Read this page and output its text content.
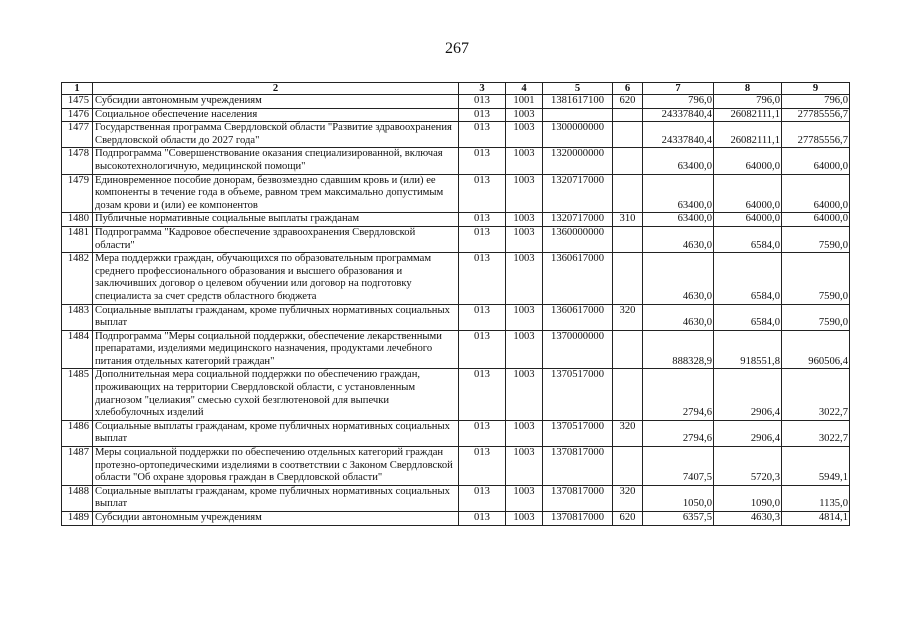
267
1	2	3	4	5	6	7	8	9
1475	Субсидии автономным учреждениям	013	1001	1381617100	620	796,0	796,0	796,0
1476	Социальное обеспечение населения	013	1003			24337840,4	26082111,1	27785556,7
1477	Государственная программа Свердловской области "Развитие здравоохранения Свердловской области до 2027 года"	013	1003	1300000000		24337840,4	26082111,1	27785556,7
1478	Подпрограмма "Совершенствование оказания специализированной, включая высокотехнологичную, медицинской помощи"	013	1003	1320000000		63400,0	64000,0	64000,0
1479	Единовременное пособие донорам, безвозмездно сдавшим кровь и (или) ее компоненты в течение года в объеме, равном трем максимально допустимым дозам крови и (или) ее компонентов	013	1003	1320717000		63400,0	64000,0	64000,0
1480	Публичные нормативные социальные выплаты гражданам	013	1003	1320717000	310	63400,0	64000,0	64000,0
1481	Подпрограмма "Кадровое обеспечение здравоохранения Свердловской области"	013	1003	1360000000		4630,0	6584,0	7590,0
1482	Мера поддержки граждан, обучающихся по образовательным программам среднего профессионального образования и высшего образования и заключивших договор о целевом обучении или договор на подготовку специалиста за счет средств областного бюджета	013	1003	1360617000		4630,0	6584,0	7590,0
1483	Социальные выплаты гражданам, кроме публичных нормативных социальных выплат	013	1003	1360617000	320	4630,0	6584,0	7590,0
1484	Подпрограмма "Меры социальной поддержки, обеспечение лекарственными препаратами, изделиями медицинского назначения, продуктами лечебного питания отдельных категорий граждан"	013	1003	1370000000		888328,9	918551,8	960506,4
1485	Дополнительная мера социальной поддержки по обеспечению граждан, проживающих на территории Свердловской области, с установленным диагнозом "целиакия" смесью сухой безглютеновой для выпечки хлебобулочных изделий	013	1003	1370517000		2794,6	2906,4	3022,7
1486	Социальные выплаты гражданам, кроме публичных нормативных социальных выплат	013	1003	1370517000	320	2794,6	2906,4	3022,7
1487	Меры социальной поддержки по обеспечению отдельных категорий граждан протезно-ортопедическими изделиями в соответствии с Законом Свердловской области "Об охране здоровья граждан в Свердловской области"	013	1003	1370817000		7407,5	5720,3	5949,1
1488	Социальные выплаты гражданам, кроме публичных нормативных социальных выплат	013	1003	1370817000	320	1050,0	1090,0	1135,0
1489	Субсидии автономным учреждениям	013	1003	1370817000	620	6357,5	4630,3	4814,1
